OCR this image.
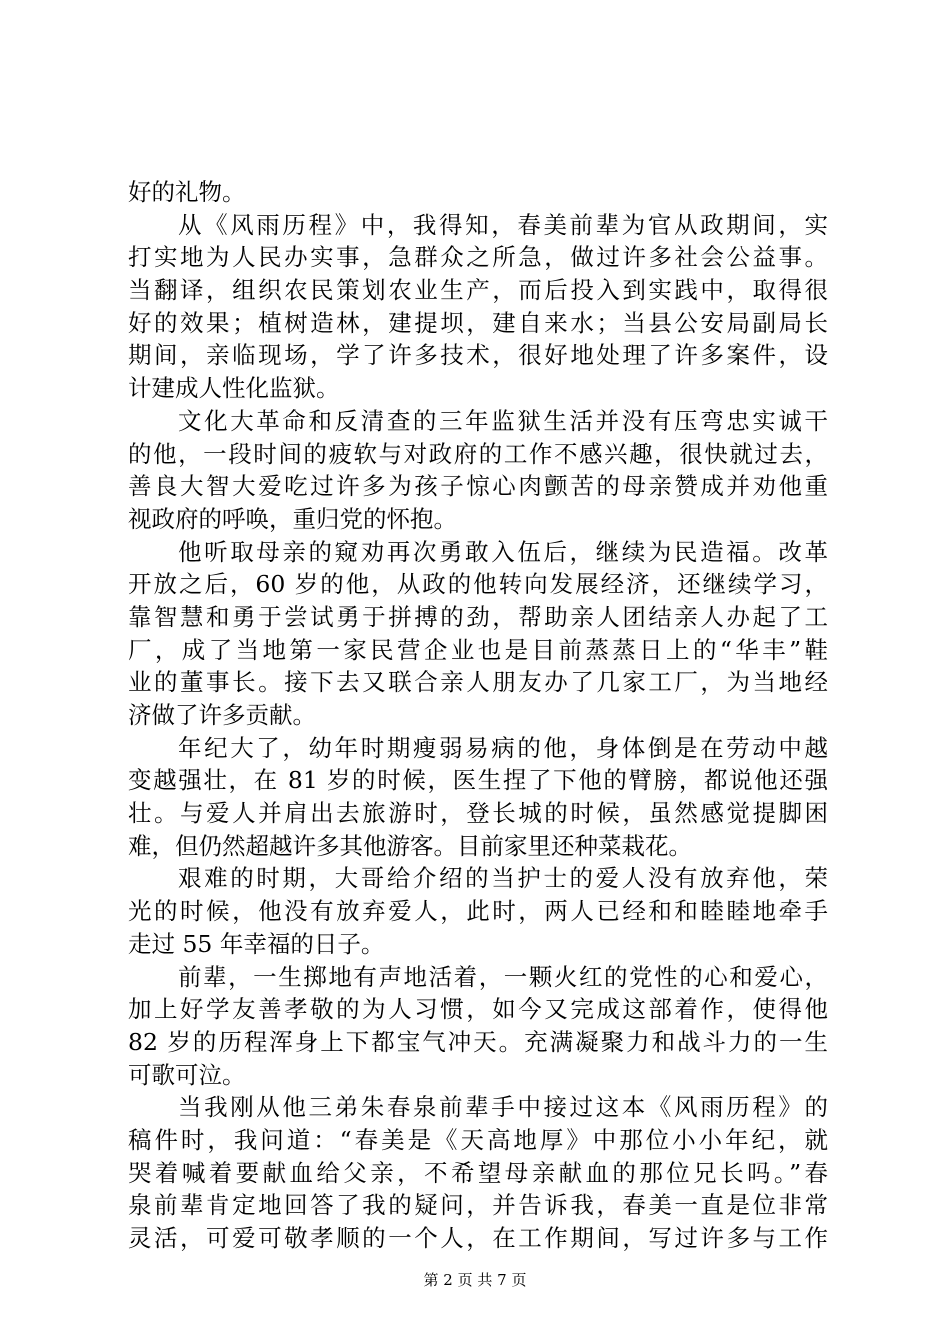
好的礼物。
从《风雨历程》中，我得知，春美前辈为官从政期间，实
打实地为人民办实事，急群众之所急，做过许多社会公益事。
当翻译，组织农民策划农业生产，而后投入到实践中，取得很
好的效果；植树造林，建提坝，建自来水；当县公安局副局长
期间，亲临现场，学了许多技术，很好地处理了许多案件，设
计建成人性化监狱。
文化大革命和反清查的三年监狱生活并没有压弯忠实诚干
的他，一段时间的疲软与对政府的工作不感兴趣，很快就过去，
善良大智大爱吃过许多为孩子惊心肉颤苦的母亲赞成并劝他重
视政府的呼唤，重归党的怀抱。
他听取母亲的窥劝再次勇敢入伍后，继续为民造福。改革
开放之后，60 岁的他，从政的他转向发展经济，还继续学习，
靠智慧和勇于尝试勇于拼搏的劲，帮助亲人团结亲人办起了工
厂，成了当地第一家民营企业也是目前蒸蒸日上的“华丰”鞋
业的董事长。接下去又联合亲人朋友办了几家工厂，为当地经
济做了许多贡献。
年纪大了，幼年时期瘦弱易病的他，身体倒是在劳动中越
变越强壮，在 81 岁的时候，医生捏了下他的臂膀，都说他还强
壮。与爱人并肩出去旅游时，登长城的时候，虽然感觉提脚困
难，但仍然超越许多其他游客。目前家里还种菜栽花。
艰难的时期，大哥给介绍的当护士的爱人没有放弃他，荣
光的时候，他没有放弃爱人，此时，两人已经和和睦睦地牵手
走过 55 年幸福的日子。
前辈，一生掷地有声地活着，一颗火红的党性的心和爱心，
加上好学友善孝敬的为人习惯，如今又完成这部着作，使得他
82 岁的历程浑身上下都宝气冲天。充满凝聚力和战斗力的一生
可歌可泣。
当我刚从他三弟朱春泉前辈手中接过这本《风雨历程》的
稿件时，我问道：“春美是《天高地厚》中那位小小年纪，就
哭着喊着要献血给父亲，不希望母亲献血的那位兄长吗。”春
泉前辈肯定地回答了我的疑问，并告诉我，春美一直是位非常
灵活，可爱可敬孝顺的一个人，在工作期间，写过许多与工作
第 2 页 共 7 页
